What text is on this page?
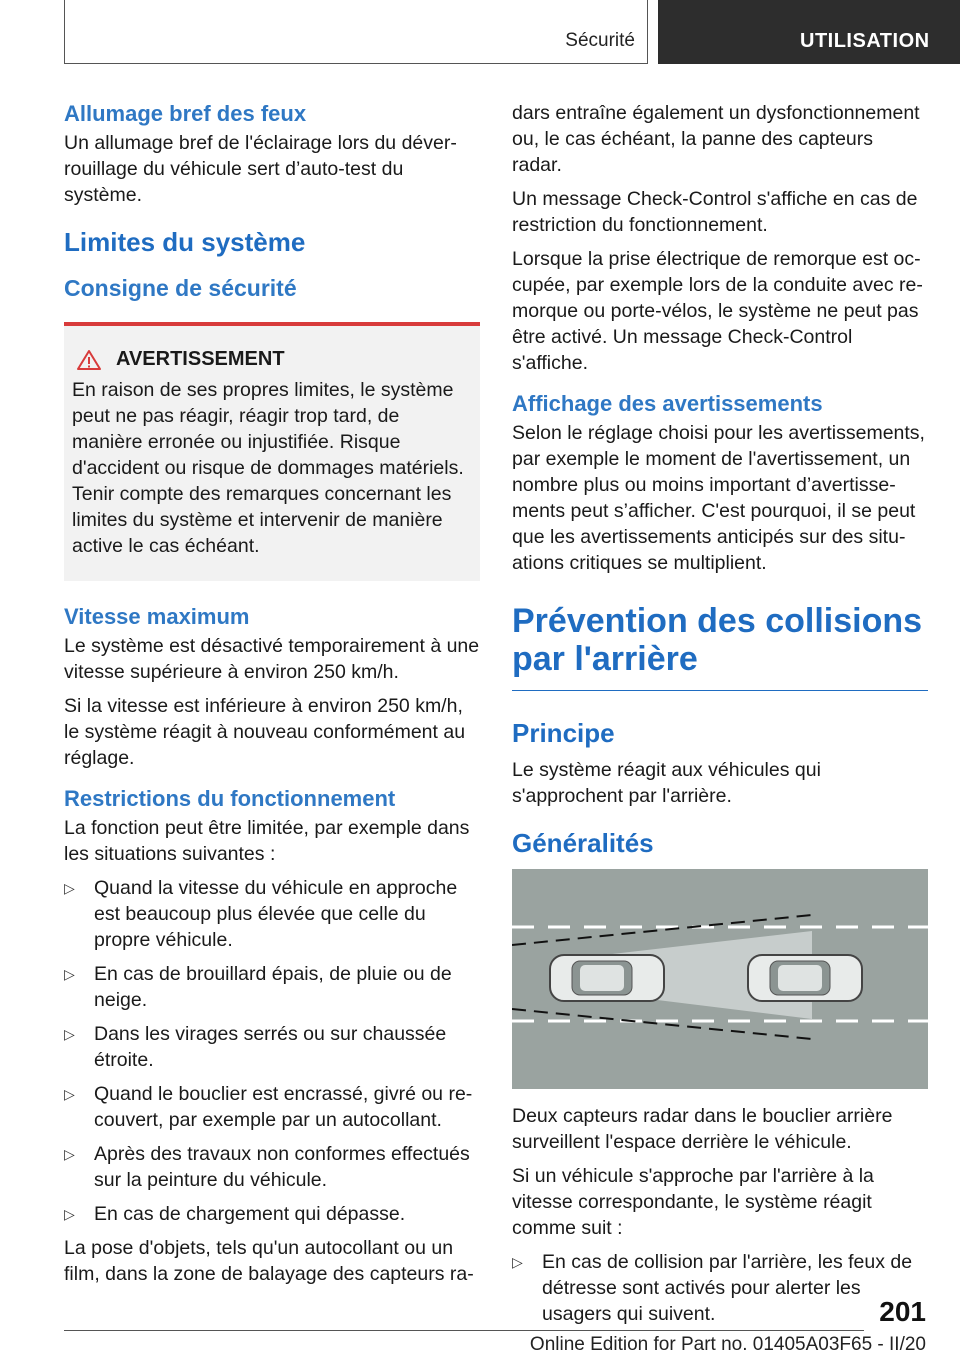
Sécurité	UTILISATION
Allumage bref des feux

Un allumage bref de l'éclairage lors du déverrouillage du véhicule sert d’auto-test du système.

Limites du système
Consigne de sécurité
AVERTISSEMENT

En raison de ses propres limites, le système peut ne pas réagir, réagir trop tard, de manière erronée ou injustifiée. Risque d'accident ou risque de dommages matériels. Tenir compte des remarques concernant les limites du système et intervenir de manière active le cas échéant.

Vitesse maximum

Le système est désactivé temporairement à une vitesse supérieure à environ 250 km/h.

Si la vitesse est inférieure à environ 250 km/h, le système réagit à nouveau conformément au réglage.

Restrictions du fonctionnement

La fonction peut être limitée, par exemple dans les situations suivantes :

▷ Quand la vitesse du véhicule en approche est beaucoup plus élevée que celle du propre véhicule.
▷ En cas de brouillard épais, de pluie ou de neige.
▷ Dans les virages serrés ou sur chaussée étroite.
▷ Quand le bouclier est encrassé, givré ou recouvert, par exemple par un autocollant.
▷ Après des travaux non conformes effectués sur la peinture du véhicule.
▷ En cas de chargement qui dépasse.

La pose d'objets, tels qu'un autocollant ou un film, dans la zone de balayage des capteurs ra-

dars entraîne également un dysfonctionnement ou, le cas échéant, la panne des capteurs radar.

Un message Check-Control s'affiche en cas de restriction du fonctionnement.

Lorsque la prise électrique de remorque est occupée, par exemple lors de la conduite avec remorque ou porte-vélos, le système ne peut pas être activé. Un message Check-Control s'affiche.

Affichage des avertissements

Selon le réglage choisi pour les avertissements, par exemple le moment de l'avertissement, un nombre plus ou moins important d’avertissements peut s’afficher. C'est pourquoi, il se peut que les avertissements anticipés sur des situations critiques se multiplient.

Prévention des collisions par l'arrière
Principe

Le système réagit aux véhicules qui s'approchent par l'arrière.

Généralités

Deux capteurs radar dans le bouclier arrière surveillent l'espace derrière le véhicule.

Si un véhicule s'approche par l'arrière à la vitesse correspondante, le système réagit comme suit :

▷ En cas de collision par l'arrière, les feux de détresse sont activés pour alerter les usagers qui suivent.	201
Online Edition for Part no. 01405A03F65 - II/20
